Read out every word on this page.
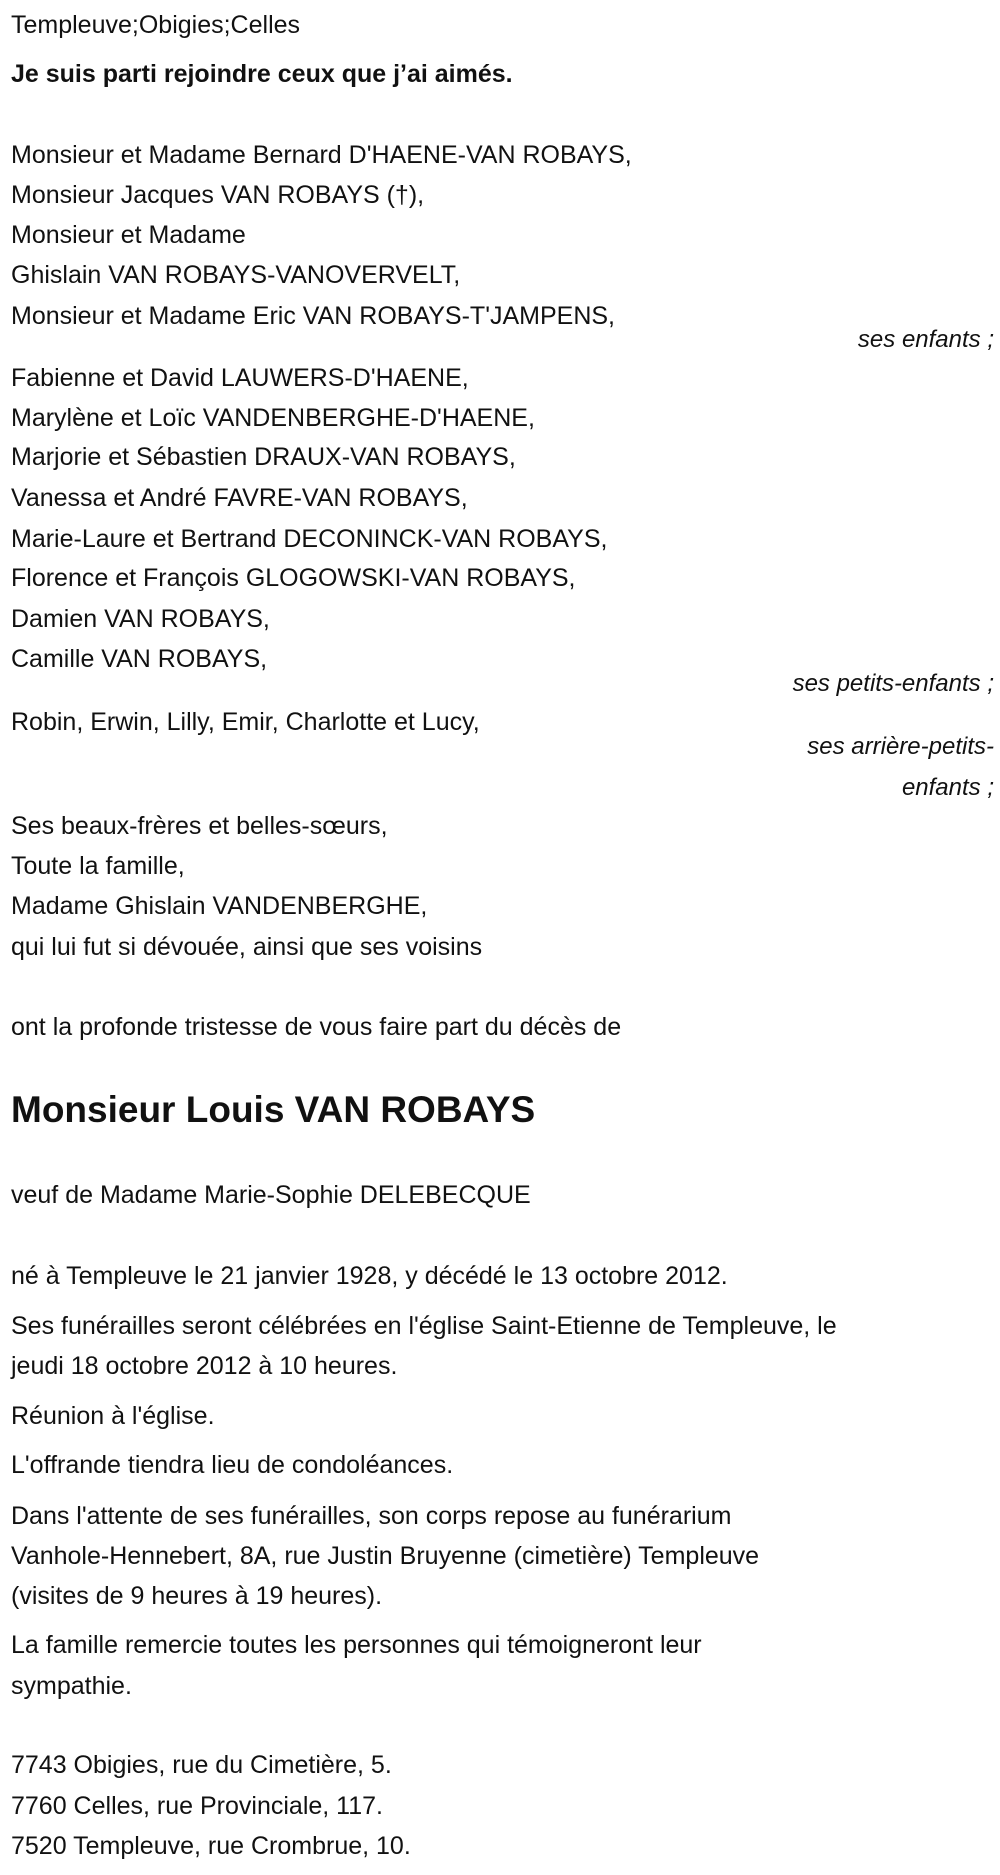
Templeuve;Obigies;Celles
Je suis parti rejoindre ceux que j’ai aimés.
Monsieur et Madame Bernard D'HAENE-VAN ROBAYS,
Monsieur Jacques VAN ROBAYS (†),
Monsieur et Madame
Ghislain VAN ROBAYS-VANOVERVELT,
Monsieur et Madame Eric VAN ROBAYS-T'JAMPENS,
ses enfants ;
Fabienne et David LAUWERS-D'HAENE,
Marylène et Loïc VANDENBERGHE-D'HAENE,
Marjorie et Sébastien DRAUX-VAN ROBAYS,
Vanessa et André FAVRE-VAN ROBAYS,
Marie-Laure et Bertrand DECONINCK-VAN ROBAYS,
Florence et François GLOGOWSKI-VAN ROBAYS,
Damien VAN ROBAYS,
Camille VAN ROBAYS,
ses petits-enfants ;
Robin, Erwin, Lilly, Emir, Charlotte et Lucy,
ses arrière-petits-enfants ;
Ses beaux-frères et belles-sœurs,
Toute la famille,
Madame Ghislain VANDENBERGHE,
qui lui fut si dévouée, ainsi que ses voisins
ont la profonde tristesse de vous faire part du décès de
Monsieur Louis VAN ROBAYS
veuf de Madame Marie-Sophie DELEBECQUE
né à Templeuve le 21 janvier 1928, y décédé le 13 octobre 2012.
Ses funérailles seront célébrées en l'église Saint-Etienne de Templeuve, le
jeudi 18 octobre 2012 à 10 heures.
Réunion à l'église.
L'offrande tiendra lieu de condoléances.
Dans l'attente de ses funérailles, son corps repose au funérarium
Vanhole-Hennebert, 8A, rue Justin Bruyenne (cimetière) Templeuve
(visites de 9 heures à 19 heures).
La famille remercie toutes les personnes qui témoigneront leur
sympathie.
7743 Obigies, rue du Cimetière, 5.
7760 Celles, rue Provinciale, 117.
7520 Templeuve, rue Crombrue, 10.
